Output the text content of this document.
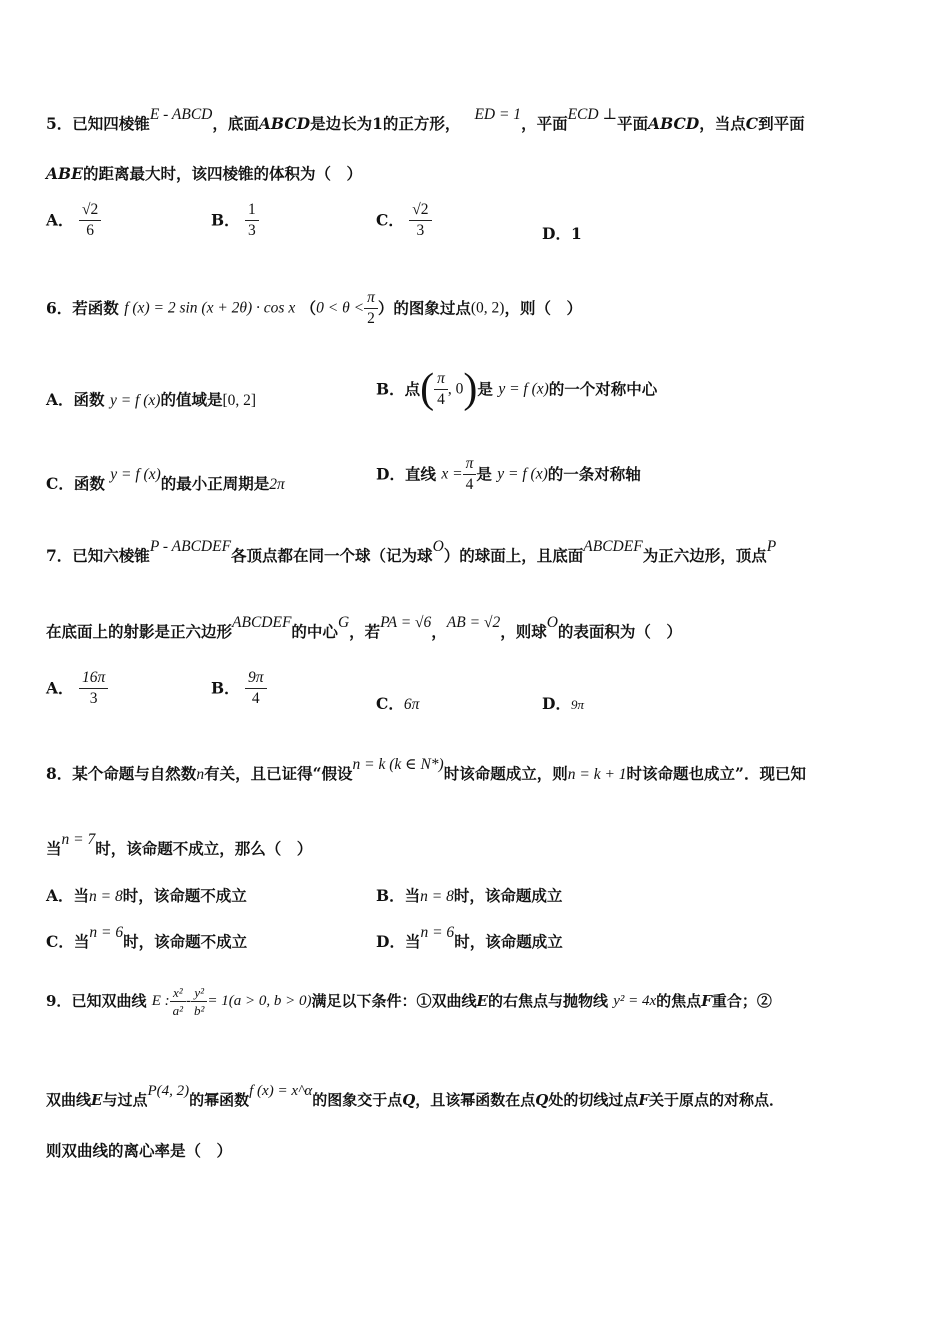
5．已知四棱锥E - ABCD，底面ABCD是边长为1的正方形， ED = 1，平面ECD ⊥平面ABCD，当点C到平面
ABE的距离最大时，该四棱锥的体积为（　）
A． $\frac{√2}{6}$	B． $\frac{1}{3}$	C． $\frac{√2}{3}$	D．1
6．若函数 f (x) = 2 sin (x + 2θ) · cos x （$0 < \theta < \frac{\pi}{2}$ ）的图象过点(0, 2)，则（　）
A．函数 y = f (x)的值域是[0, 2]
B．点( $\frac{\pi}{4}$ , 0)是 y = f (x)的一个对称中心
C．函数 y = f (x)的最小正周期是2π
D．直线 $x = \frac{\pi}{4}$ 是 y = f (x)的一条对称轴
7．已知六棱锥P - ABCDEF各顶点都在同一个球（记为球O）的球面上，且底面ABCDEF为正六边形，顶点P
在底面上的射影是正六边形ABCDEF的中心G，若PA = √6，AB = √2，则球O的表面积为（　）
A． $\frac{16\pi}{3}$	B． $\frac{9\pi}{4}$	C．6π	D．9π
8．某个命题与自然数n有关，且已证得“假设n = k (k ∈ N*)时该命题成立，则n = k + 1时该命题也成立”．现已知
当n = 7时，该命题不成立，那么（　）
A．当n = 8时，该命题不成立	B．当n = 8时，该命题成立
C．当n = 6时，该命题不成立	D．当n = 6时，该命题成立
9．已知双曲线 E : $\frac{\text{x²}}{\text{a²}} - \frac{\text{y²}}{\text{b²}} = 1(a > 0$, b > 0)满足以下条件：①双曲线E的右焦点与抛物线 y² = 4x的焦点F重合；②
双曲线E与过点P(4, 2)的幂函数f (x) = x^α的图象交于点Q，且该幂函数在点Q处的切线过点F关于原点的对称点．
则双曲线的离心率是（　）
